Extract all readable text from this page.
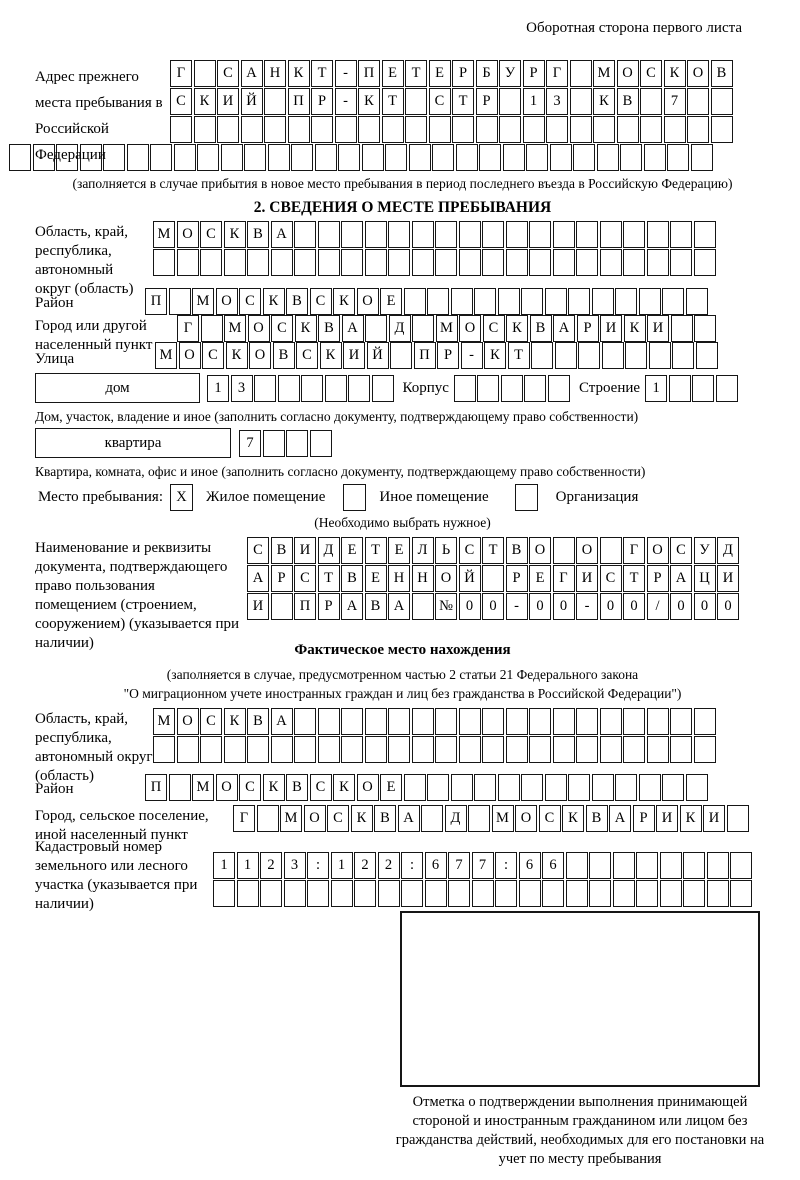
Оборотная сторона первого листа
Адрес прежнего места пребывания в Российской Федерации
Г	С А Н К Т	-	П Е	Т	Е	Р	Б У Р	Г	М О С К О В
С К И Й	П Р	-	К Т	С Т	Р	1	3	К В	7
(заполняется в случае прибытия в новое место пребывания в период последнего въезда в Российскую Федерацию)
2. СВЕДЕНИЯ О МЕСТЕ ПРЕБЫВАНИЯ
Область, край, республика, автономный округ (область)
М О С К В А
Район	П	М О С К В С К О Е
Город или другой населенный пункт
Г	М О С К В А	Д	М О С К В А Р И К И
Улица	М О С К О В С К И Й	П Р	-	К Т
дом	1	3	Корпус	Строение 1
Дом, участок, владение и иное (заполнить согласно документу, подтверждающему право собственности)
квартира	7
Квартира, комната, офис и иное (заполнить согласно документу, подтверждающему право собственности)
Место пребывания: X	Жилое помещение	Иное помещение	Организация
(Необходимо выбрать нужное)
Наименование и реквизиты документа, подтверждающего право пользования помещением (строением, сооружением) (указывается при наличии)
С В И Д Е	Т	Е Л Ь	С Т В О	О	Г О С У Д
А Р	С Т В Е Н Н О Й	Р	Е	Г И С Т	Р А Ц И
И	П Р А В А	№ 0	0	-	0	0	-	0	0	/	0	0	0
Фактическое место нахождения
(заполняется в случае, предусмотренном частью 2 статьи 21 Федерального закона
"О миграционном учете иностранных граждан и лиц без гражданства в Российской Федерации")
Область, край, республика, автономный округ (область)
М О С К В А
Район	П	М О С К В С К О Е
Город, сельское поселение, иной населенный пункт
Г	М О С К В А	Д	М О С К В А Р И К И
Кадастровый номер земельного или лесного участка (указывается при наличии)
1	1	2	3	:	1	2	2	:	6	7	7	:	6	6
Отметка о подтверждении выполнения принимающей стороной и иностранным гражданином или лицом без гражданства действий, необходимых для его постановки на учет по месту пребывания
